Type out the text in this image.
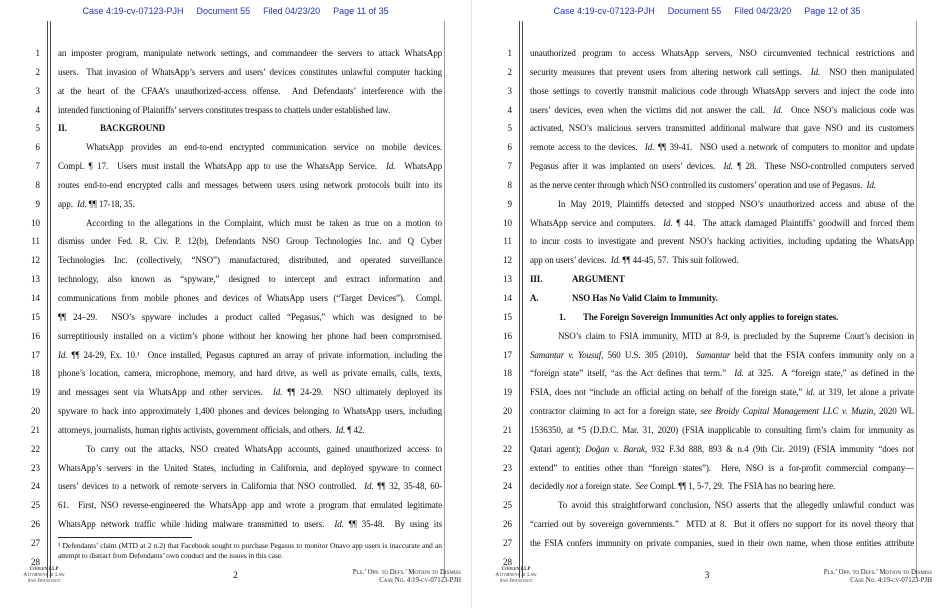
Case 4:19-cv-07123-PJH Document 55 Filed 04/23/20 Page 11 of 35
1
2
3
4
5
6
7
8
9
10
11
12
13
14
15
16
17
18
19
20
21
22
23
24
25
26
27
28
an imposter program, manipulate network settings, and commandeer the servers to attack WhatsApp
users.  That invasion of WhatsApp’s servers and users’ devices constitutes unlawful computer hacking
at the heart of the CFAA’s unauthorized-access offense.  And Defendants’ interference with the
intended functioning of Plaintiffs’ servers constitutes trespass to chattels under established law.
II.	BACKGROUND
WhatsApp provides an end-to-end encrypted communication service on mobile devices.
Compl. ¶ 17.  Users must install the WhatsApp app to use the WhatsApp Service.  Id.  WhatsApp
routes end-to-end encrypted calls and messages between users using network protocols built into its
app.  Id. ¶¶ 17-18, 35.
According to the allegations in the Complaint, which must be taken as true on a motion to
dismiss under Fed. R. Civ. P. 12(b), Defendants NSO Group Technologies Inc. and Q Cyber
Technologies Inc. (collectively, “NSO”) manufactured, distributed, and operated surveillance
technology, also known as “spyware,” designed to intercept and extract information and
communications from mobile phones and devices of WhatsApp users (“Target Devices”).  Compl.
¶¶ 24–29.  NSO’s spyware includes a product called “Pegasus,” which was designed to be
surreptitiously installed on a victim’s phone without her knowing her phone had been compromised.
Id. ¶¶ 24-29, Ex. 10.¹  Once installed, Pegasus captured an array of private information, including the
phone’s location, camera, microphone, memory, and hard drive, as well as private emails, calls, texts,
and messages sent via WhatsApp and other services.  Id. ¶¶ 24-29.  NSO ultimately deployed its
spyware to hack into approximately 1,400 phones and devices belonging to WhatsApp users, including
attorneys, journalists, human rights activists, government officials, and others.  Id. ¶ 42.
To carry out the attacks, NSO created WhatsApp accounts, gained unauthorized access to
WhatsApp’s servers in the United States, including in California, and deployed spyware to connect
users’ devices to a network of remote servers in California that NSO controlled.  Id. ¶¶ 32, 35-48, 60-
61.  First, NSO reverse-engineered the WhatsApp app and wrote a program that emulated legitimate
WhatsApp network traffic while hiding malware transmitted to users.  Id. ¶¶ 35-48.  By using its
¹ Defendants’ claim (MTD at 2 n.2) that Facebook sought to purchase Pegasus to monitor Onavo app users is inaccurate and an attempt to distract from Defendants’ own conduct and the issues in this case.
Cooley LLP
Attorneys at Law
San Francisco
2	Pls.’ Opp. to Defs.’ Motion to Dismiss
Case No. 4:19-cv-07123-PJH
Case 4:19-cv-07123-PJH Document 55 Filed 04/23/20 Page 12 of 35
1
2
3
4
5
6
7
8
9
10
11
12
13
14
15
16
17
18
19
20
21
22
23
24
25
26
27
28
unauthorized program to access WhatsApp servers, NSO circumvented technical restrictions and
security measures that prevent users from altering network call settings.  Id.  NSO then manipulated
those settings to covertly transmit malicious code through WhatsApp servers and inject the code into
users’ devices, even when the victims did not answer the call.  Id.  Once NSO’s malicious code was
activated, NSO’s malicious servers transmitted additional malware that gave NSO and its customers
remote access to the devices.  Id. ¶¶ 39-41.  NSO used a network of computers to monitor and update
Pegasus after it was implanted on users’ devices.  Id. ¶ 28.  These NSO-controlled computers served
as the nerve center through which NSO controlled its customers’ operation and use of Pegasus.  Id.
In May 2019, Plaintiffs detected and stopped NSO’s unauthorized access and abuse of the
WhatsApp service and computers.  Id. ¶ 44.  The attack damaged Plaintiffs’ goodwill and forced them
to incur costs to investigate and prevent NSO’s hacking activities, including updating the WhatsApp
app on users’ devices.  Id. ¶¶ 44-45, 57.  This suit followed.
III.	ARGUMENT
A.	NSO Has No Valid Claim to Immunity.
1. The Foreign Sovereign Immunities Act only applies to foreign states.
NSO’s claim to FSIA immunity, MTD at 8-9, is precluded by the Supreme Court’s decision in
Samantar v. Yousuf, 560 U.S. 305 (2010).  Samantar held that the FSIA confers immunity only on a
“foreign state” itself, “as the Act defines that term.”  Id. at 325.  A “foreign state,” as defined in the
FSIA, does not “include an official acting on behalf of the foreign state,” id. at 319, let alone a private
contractor claiming to act for a foreign state, see Broidy Capital Management LLC v. Muzin, 2020 WL
1536350, at *5 (D.D.C. Mar. 31, 2020) (FSIA inapplicable to consulting firm’s claim for immunity as
Qatari agent); Doğan v. Barak, 932 F.3d 888, 893 & n.4 (9th Cir. 2019) (FSIA immunity “does not
extend” to entities other than “foreign states”).  Here, NSO is a for-profit commercial company—
decidedly not a foreign state.  See Compl. ¶¶ 1, 5-7, 29.  The FSIA has no bearing here.
To avoid this straightforward conclusion, NSO asserts that the allegedly unlawful conduct was
“carried out by sovereign governments.”  MTD at 8.  But it offers no support for its novel theory that
the FSIA confers immunity on private companies, sued in their own name, when those entities attribute
Cooley LLP
Attorneys at Law
San Francisco
3	Pls.’ Opp. to Defs.’ Motion to Dismiss
Case No. 4:19-cv-07123-PJH
